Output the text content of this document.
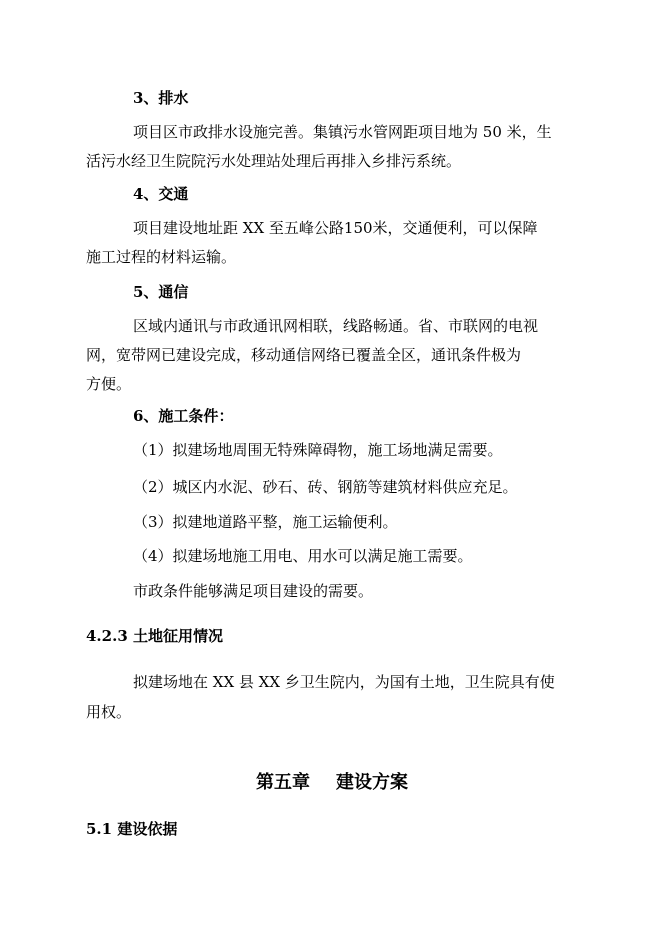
3、排水
项目区市政排水设施完善。集镇污水管网距项目地为 50 米，生
活污水经卫生院院污水处理站处理后再排入乡排污系统。
4、交通
项目建设地址距 XX 至五峰公路150米，交通便利，可以保障
施工过程的材料运输。
5、通信
区域内通讯与市政通讯网相联，线路畅通。省、市联网的电视
网，宽带网已建设完成，移动通信网络已覆盖全区，通讯条件极为
方便。
6、施工条件：
（1）拟建场地周围无特殊障碍物，施工场地满足需要。
（2）城区内水泥、砂石、砖、钢筋等建筑材料供应充足。
（3）拟建地道路平整，施工运输便利。
（4）拟建场地施工用电、用水可以满足施工需要。
市政条件能够满足项目建设的需要。
4.2.3 土地征用情况
拟建场地在 XX 县 XX 乡卫生院内，为国有土地，卫生院具有使
用权。
第五章 建设方案
5.1 建设依据
